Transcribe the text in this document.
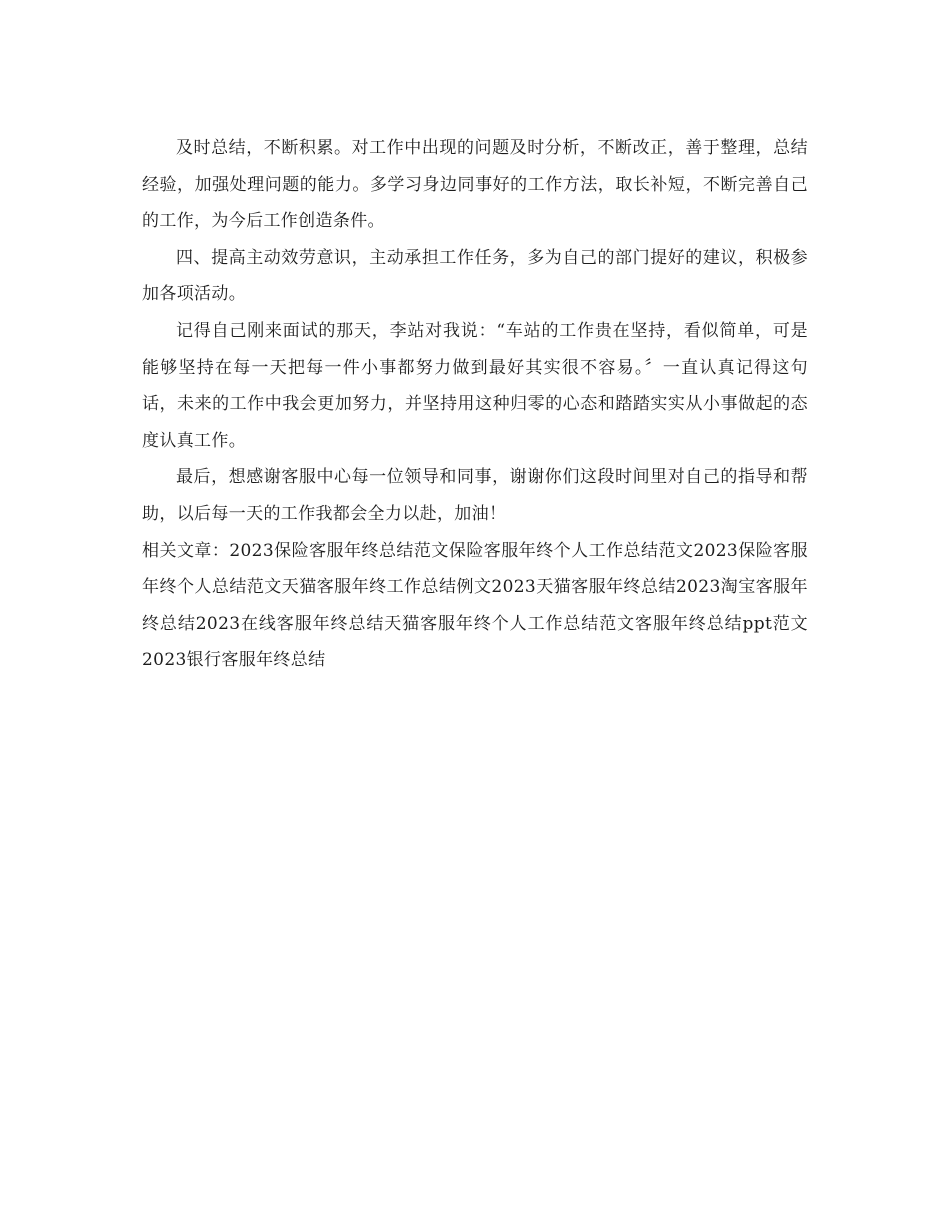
及时总结，不断积累。对工作中出现的问题及时分析，不断改正，善于整理，总结经验，加强处理问题的能力。多学习身边同事好的工作方法，取长补短，不断完善自己的工作，为今后工作创造条件。

四、提高主动效劳意识，主动承担工作任务，多为自己的部门提好的建议，积极参加各项活动。

记得自己刚来面试的那天，李站对我说：“车站的工作贵在坚持，看似简单，可是能够坚持在每一天把每一件小事都努力做到最好其实很不容易。〞一直认真记得这句话，未来的工作中我会更加努力，并坚持用这种归零的心态和踏踏实实从小事做起的态度认真工作。

最后，想感谢客服中心每一位领导和同事，谢谢你们这段时间里对自己的指导和帮助，以后每一天的工作我都会全力以赴，加油！

相关文章：2023保险客服年终总结范文保险客服年终个人工作总结范文2023保险客服年终个人总结范文天猫客服年终工作总结例文2023天猫客服年终总结2023淘宝客服年终总结2023在线客服年终总结天猫客服年终个人工作总结范文客服年终总结ppt范文2023银行客服年终总结
